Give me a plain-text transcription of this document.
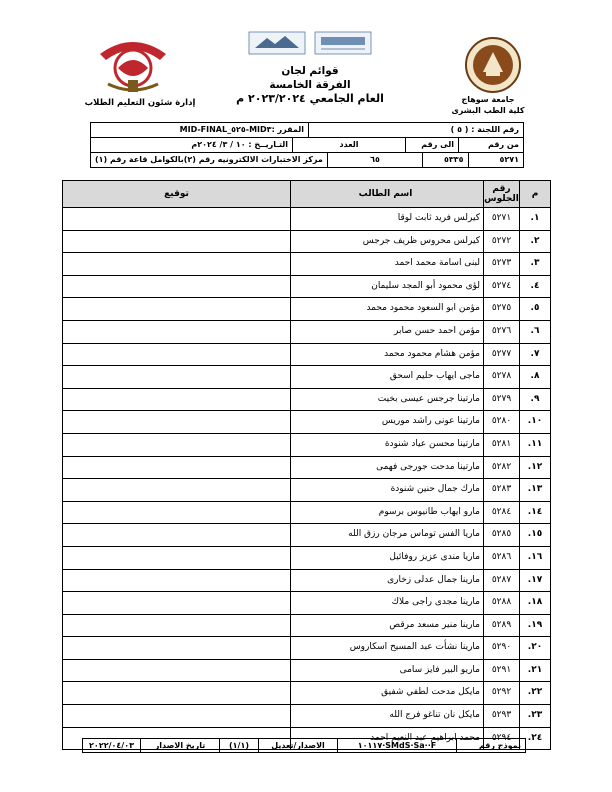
إدارة شئون التعليم الطلاب
قوائم لجان
الفرقة الخامسة
العام الجامعي ٢٠٢٣/٢٠٢٤ م	جامعة سوهاج
كلية الطب البشرى
رقم اللجنة : ( ٥ )
المقرر :MID٣-٥٢٥_MID-FINAL
من رقم
الى رقم
العدد
التـاريــخ : ١٠ / ٣/ ٢٠٢٤م
٥٢٧١
٥٣٣٥
٦٥
مركز الاختبارات الالكترونيه رقم (٢)بالكوامل قاعة رقم (١)
م
رقم الجلوس
اسم الطالب
توقيع
١.
٥٢٧١
كيرلس فريد ثابت لوقا
٢.
٥٢٧٢
كيرلس محروس ظريف جرجس
٣.
٥٢٧٣
لبنى اسامة محمد احمد
٤.
٥٢٧٤
لؤى محمود أبو المجد سليمان
٥.
٥٢٧٥
مؤمن ابو السعود محمود محمد
٦.
٥٢٧٦
مؤمن احمد حسن صابر
٧.
٥٢٧٧
مؤمن هشام محمود محمد
٨.
٥٢٧٨
ماجى ايهاب حليم اسحق
٩.
٥٢٧٩
مارتينا جرجس عيسى بخيت
١٠.
٥٢٨٠
مارتينا عونى راشد موريس
١١.
٥٢٨١
مارتينا محسن عياد شنودة
١٢.
٥٢٨٢
مارتينا مدحت جورجى فهمى
١٣.
٥٢٨٣
مارك جمال حنين شنودة
١٤.
٥٢٨٤
مارو ايهاب طانيوس برسوم
١٥.
٥٢٨٥
ماريا الفس توماس مرجان رزق الله
١٦.
٥٢٨٦
ماريا مندى عزيز روفائيل
١٧.
٥٢٨٧
مارينا جمال عدلى زخارى
١٨.
٥٢٨٨
مارينا مجدى راجى ملاك
١٩.
٥٢٨٩
مارينا منير مسعد مرقص
٢٠.
٥٢٩٠
مارينا نشأت عبد المسيح اسكاروس
٢١.
٥٢٩١
ماريو البير فايز سامى
٢٢.
٥٢٩٢
مايكل مدحت لطفي شفيق
٢٣.
٥٢٩٣
مايكل نان تناغو فرج الله
٢٤.
٥٢٩٤
محمد ابراهيم عبد النعيم احمد
نموذج رقم
SMdS·Sa··F·١٠١١٧
الاصدار/تعديل
(١/١)
تاريخ الاصدار
٢٠٢٢/٠٤/٠٣
